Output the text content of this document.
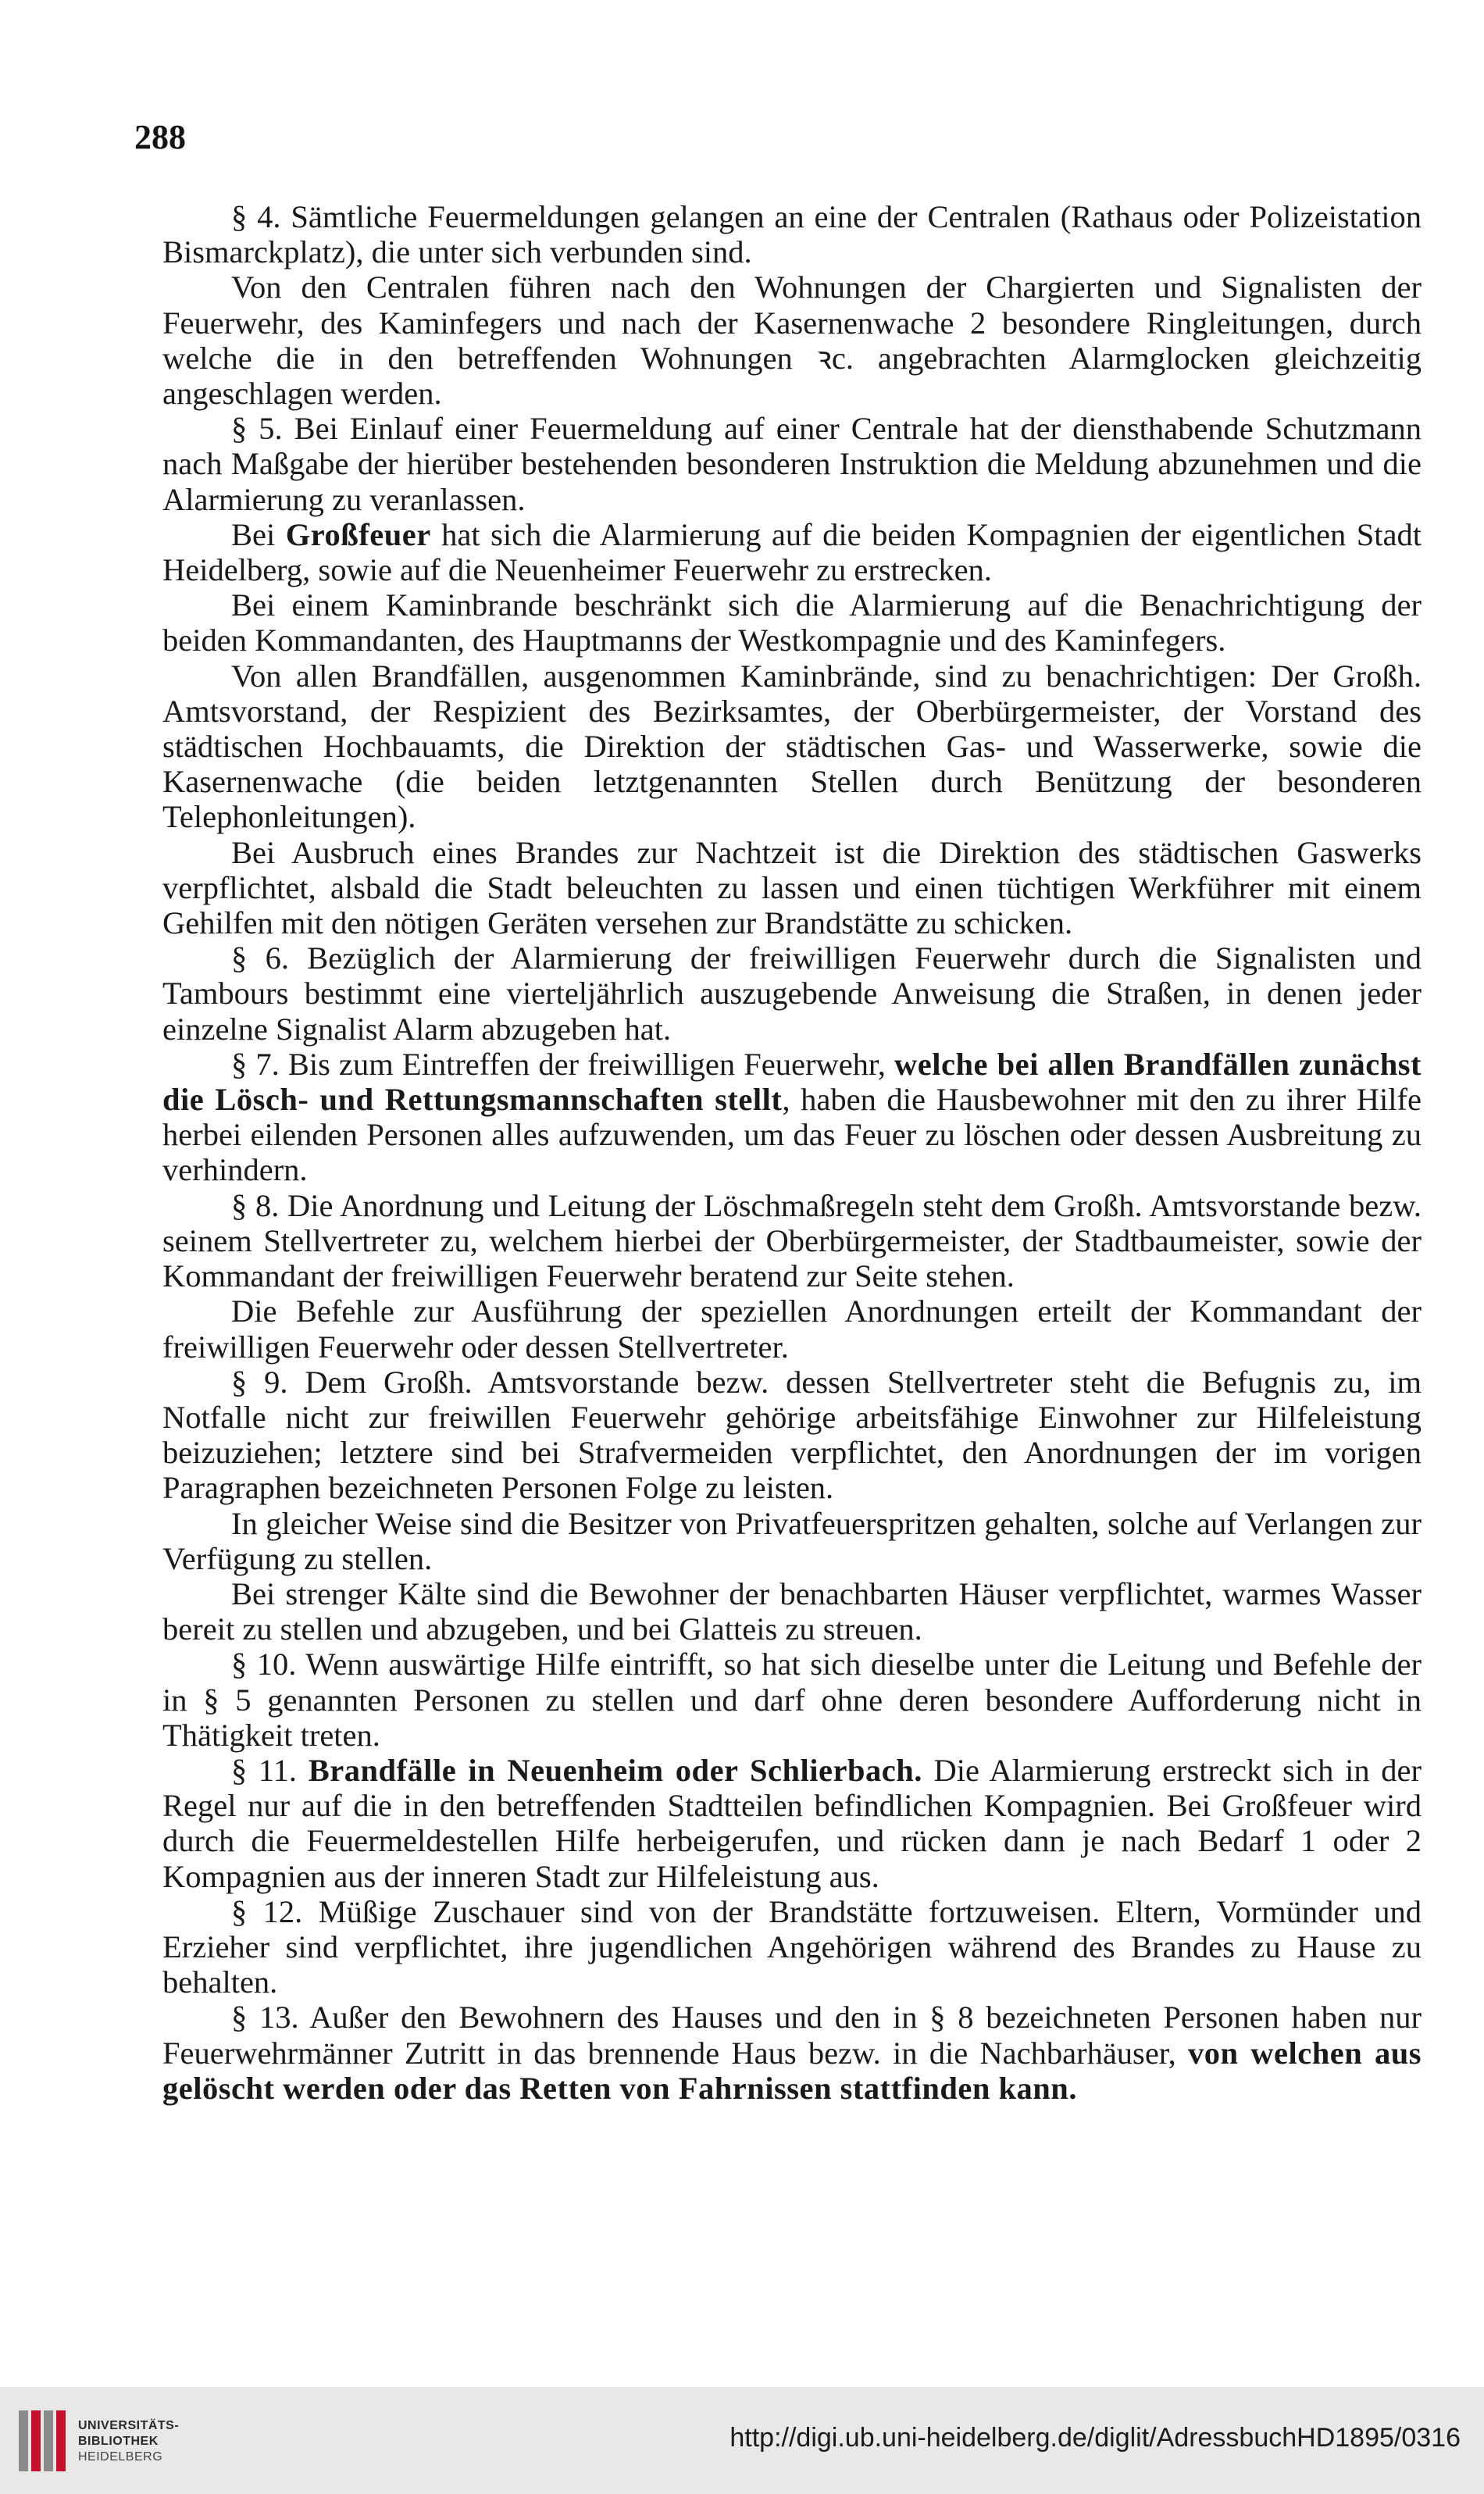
288

§ 4. Sämtliche Feuermeldungen gelangen an eine der Centralen (Rathaus oder Polizeistation Bismarckplatz), die unter sich verbunden sind.

Von den Centralen führen nach den Wohnungen der Chargierten und Signalisten der Feuerwehr, des Kaminfegers und nach der Kasernenwache 2 besondere Ringleitungen, durch welche die in den betreffenden Wohnungen ꝛc. angebrachten Alarmglocken gleichzeitig angeschlagen werden.

§ 5. Bei Einlauf einer Feuermeldung auf einer Centrale hat der diensthabende Schutzmann nach Maßgabe der hierüber bestehenden besonderen Instruktion die Meldung abzunehmen und die Alarmierung zu veranlassen.

Bei Großfeuer hat sich die Alarmierung auf die beiden Kompagnien der eigentlichen Stadt Heidelberg, sowie auf die Neuenheimer Feuerwehr zu erstrecken.

Bei einem Kaminbrande beschränkt sich die Alarmierung auf die Benachrichtigung der beiden Kommandanten, des Hauptmanns der Westkompagnie und des Kaminfegers.

Von allen Brandfällen, ausgenommen Kaminbrände, sind zu benachrichtigen: Der Großh. Amtsvorstand, der Respizient des Bezirksamtes, der Oberbürgermeister, der Vorstand des städtischen Hochbauamts, die Direktion der städtischen Gas- und Wasserwerke, sowie die Kasernenwache (die beiden letztgenannten Stellen durch Benützung der besonderen Telephonleitungen).

Bei Ausbruch eines Brandes zur Nachtzeit ist die Direktion des städtischen Gaswerks verpflichtet, alsbald die Stadt beleuchten zu lassen und einen tüchtigen Werkführer mit einem Gehilfen mit den nötigen Geräten versehen zur Brandstätte zu schicken.

§ 6. Bezüglich der Alarmierung der freiwilligen Feuerwehr durch die Signalisten und Tambours bestimmt eine vierteljährlich auszugebende Anweisung die Straßen, in denen jeder einzelne Signalist Alarm abzugeben hat.

§ 7. Bis zum Eintreffen der freiwilligen Feuerwehr, welche bei allen Brandfällen zunächst die Lösch- und Rettungsmannschaften stellt, haben die Hausbewohner mit den zu ihrer Hilfe herbei eilenden Personen alles aufzuwenden, um das Feuer zu löschen oder dessen Ausbreitung zu verhindern.

§ 8. Die Anordnung und Leitung der Löschmaßregeln steht dem Großh. Amtsvorstande bezw. seinem Stellvertreter zu, welchem hierbei der Oberbürgermeister, der Stadtbaumeister, sowie der Kommandant der freiwilligen Feuerwehr beratend zur Seite stehen.

Die Befehle zur Ausführung der speziellen Anordnungen erteilt der Kommandant der freiwilligen Feuerwehr oder dessen Stellvertreter.

§ 9. Dem Großh. Amtsvorstande bezw. dessen Stellvertreter steht die Befugnis zu, im Notfalle nicht zur freiwillen Feuerwehr gehörige arbeitsfähige Einwohner zur Hilfeleistung beizuziehen; letztere sind bei Strafvermeiden verpflichtet, den Anordnungen der im vorigen Paragraphen bezeichneten Personen Folge zu leisten.

In gleicher Weise sind die Besitzer von Privatfeuerspritzen gehalten, solche auf Verlangen zur Verfügung zu stellen.

Bei strenger Kälte sind die Bewohner der benachbarten Häuser verpflichtet, warmes Wasser bereit zu stellen und abzugeben, und bei Glatteis zu streuen.

§ 10. Wenn auswärtige Hilfe eintrifft, so hat sich dieselbe unter die Leitung und Befehle der in § 5 genannten Personen zu stellen und darf ohne deren besondere Aufforderung nicht in Thätigkeit treten.

§ 11. Brandfälle in Neuenheim oder Schlierbach. Die Alarmierung erstreckt sich in der Regel nur auf die in den betreffenden Stadtteilen befindlichen Kompagnien. Bei Großfeuer wird durch die Feuermeldestellen Hilfe herbeigerufen, und rücken dann je nach Bedarf 1 oder 2 Kompagnien aus der inneren Stadt zur Hilfeleistung aus.

§ 12. Müßige Zuschauer sind von der Brandstätte fortzuweisen. Eltern, Vormünder und Erzieher sind verpflichtet, ihre jugendlichen Angehörigen während des Brandes zu Hause zu behalten.

§ 13. Außer den Bewohnern des Hauses und den in § 8 bezeichneten Personen haben nur Feuerwehrmänner Zutritt in das brennende Haus bezw. in die Nachbarhäuser, von welchen aus gelöscht werden oder das Retten von Fahrnissen stattfinden kann.

UNIVERSITÄTS-
BIBLIOTHEK
HEIDELBERG
http://digi.ub.uni-heidelberg.de/diglit/AdressbuchHD1895/0316
